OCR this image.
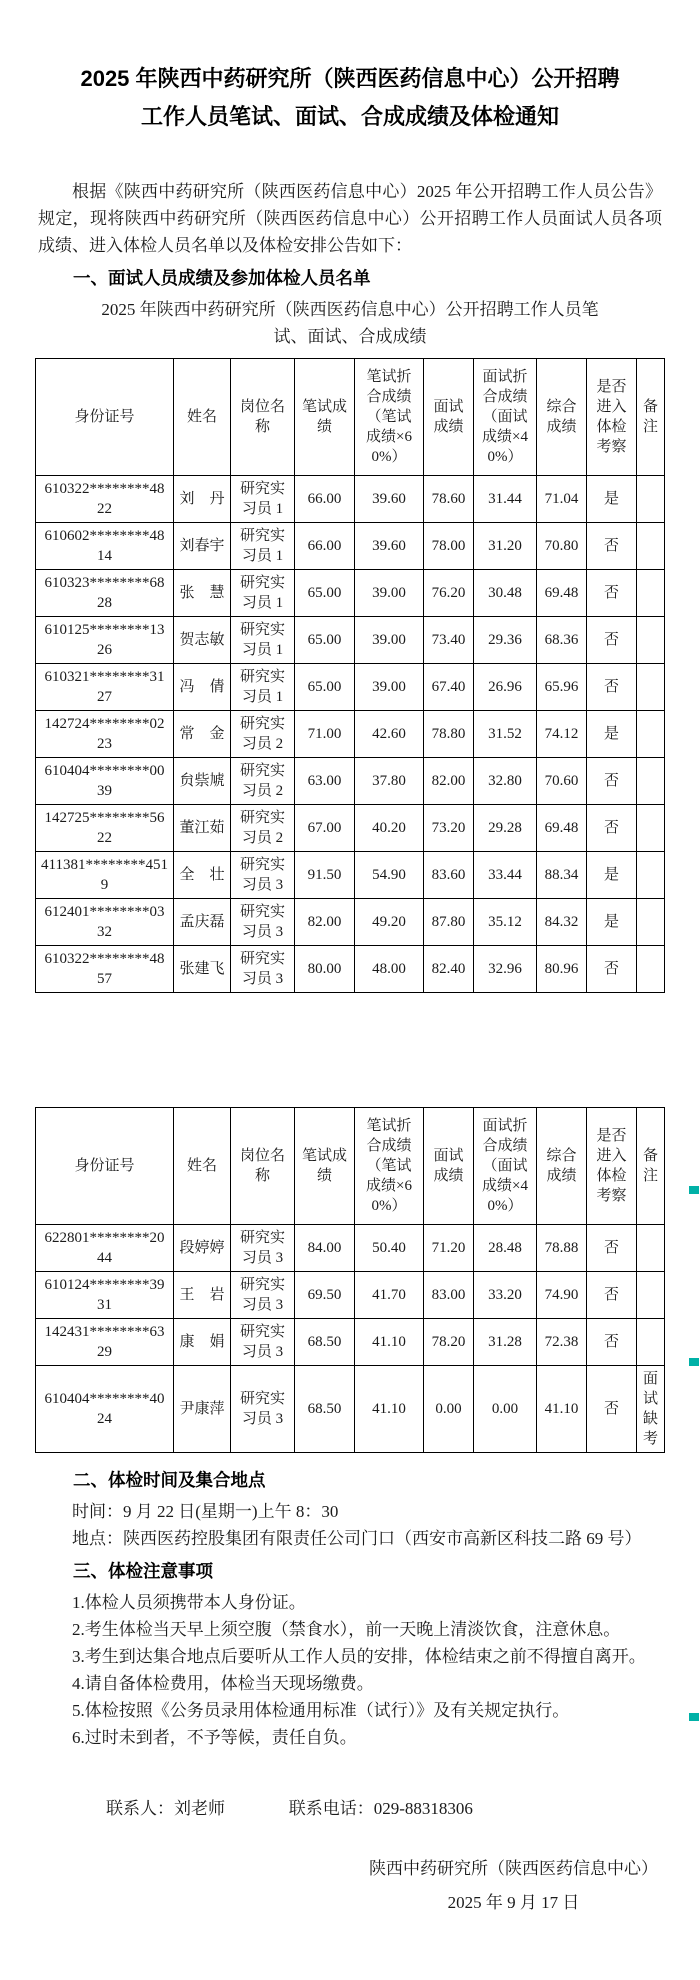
2025 年陕西中药研究所（陕西医药信息中心）公开招聘工作人员笔试、面试、合成成绩及体检通知

根据《陕西中药研究所（陕西医药信息中心）2025 年公开招聘工作人员公告》规定，现将陕西中药研究所（陕西医药信息中心）公开招聘工作人员面试人员各项成绩、进入体检人员名单以及体检安排公告如下：

一、面试人员成绩及参加体检人员名单
2025 年陕西中药研究所（陕西医药信息中心）公开招聘工作人员笔试、面试、合成成绩
身份证号	姓名	岗位名称	笔试成绩	笔试折合成绩（笔试成绩×60%）	面试成绩	面试折合成绩（面试成绩×40%）	综合成绩	是否进入体检考察	备注
610322********4822	刘　丹	研究实习员 1	66.00	39.60	78.60	31.44	71.04	是	
610602********4814	刘春宇	研究实习员 1	66.00	39.60	78.00	31.20	70.80	否	
610323********6828	张　慧	研究实习员 1	65.00	39.00	76.20	30.48	69.48	否	
610125********1326	贺志敏	研究实习员 1	65.00	39.00	73.40	29.36	68.36	否	
610321********3127	冯　倩	研究实习员 1	65.00	39.00	67.40	26.96	65.96	否	
142724********0223	常　金	研究实习员 2	71.00	42.60	78.80	31.52	74.12	是	
610404********0039	贠祡虓	研究实习员 2	63.00	37.80	82.00	32.80	70.60	否	
142725********5622	董江茹	研究实习员 2	67.00	40.20	73.20	29.28	69.48	否	
411381********4519	全　壮	研究实习员 3	91.50	54.90	83.60	33.44	88.34	是	
612401********0332	孟庆磊	研究实习员 3	82.00	49.20	87.80	35.12	84.32	是	
610322********4857	张建飞	研究实习员 3	80.00	48.00	82.40	32.96	80.96	否	
身份证号	姓名	岗位名称	笔试成绩	笔试折合成绩（笔试成绩×60%）	面试成绩	面试折合成绩（面试成绩×40%）	综合成绩	是否进入体检考察	备注
622801********2044	段婷婷	研究实习员 3	84.00	50.40	71.20	28.48	78.88	否	
610124********3931	王　岩	研究实习员 3	69.50	41.70	83.00	33.20	74.90	否	
142431********6329	康　娟	研究实习员 3	68.50	41.10	78.20	31.28	72.38	否	
610404********4024	尹康萍	研究实习员 3	68.50	41.10	0.00	0.00	41.10	否	面试缺考
二、体检时间及集合地点

时间：9 月 22 日(星期一)上午 8：30

地点：陕西医药控股集团有限责任公司门口（西安市高新区科技二路 69 号）

三、体检注意事项

1.体检人员须携带本人身份证。

2.考生体检当天早上须空腹（禁食水），前一天晚上清淡饮食，注意休息。

3.考生到达集合地点后要听从工作人员的安排，体检结束之前不得擅自离开。

4.请自备体检费用，体检当天现场缴费。

5.体检按照《公务员录用体检通用标准（试行）》及有关规定执行。

6.过时未到者，不予等候，责任自负。

联系人：刘老师	联系电话：029-88318306

陕西中药研究所（陕西医药信息中心）
2025 年 9 月 17 日
